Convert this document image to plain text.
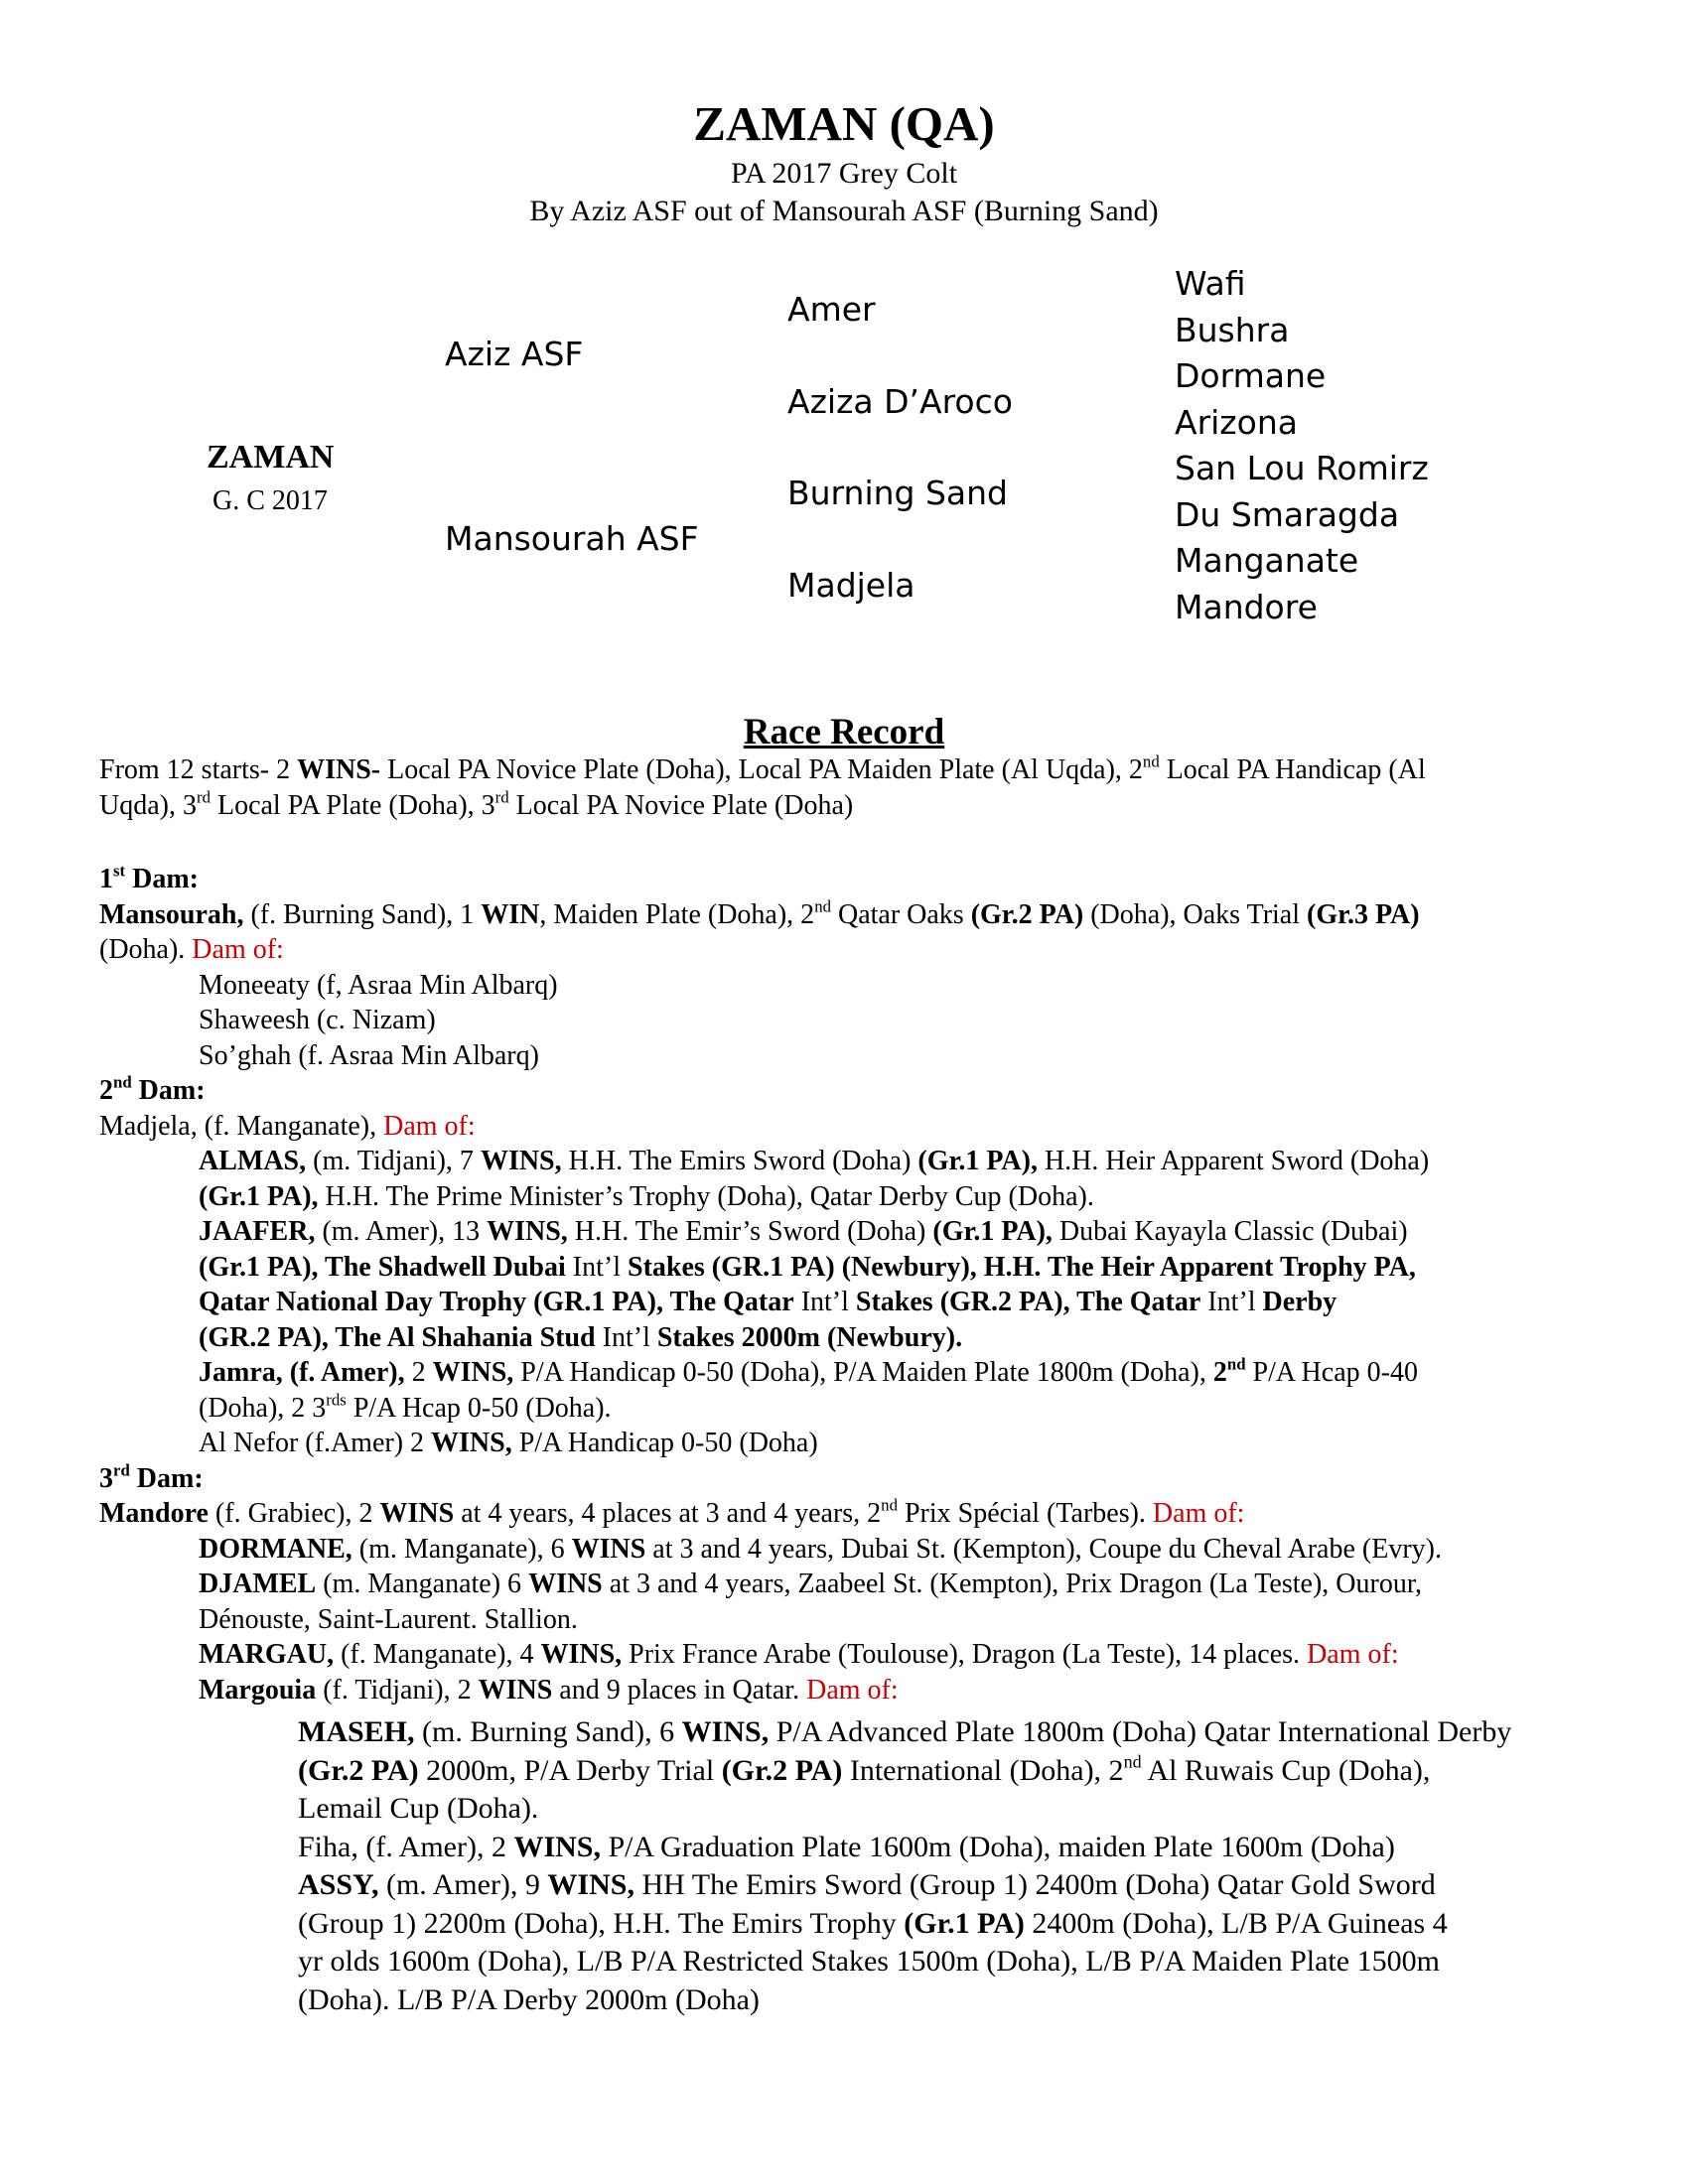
ZAMAN (QA)
PA 2017 Grey Colt
By Aziz ASF out of Mansourah ASF (Burning Sand)
ZAMAN
G. C 2017
Aziz ASF
Mansourah ASF
Amer
Aziza D’Aroco
Burning Sand
Madjela
Wafi
Bushra
Dormane
Arizona
San Lou Romirz
Du Smaragda
Manganate
Mandore
Race Record
From 12 starts- 2 WINS- Local PA Novice Plate (Doha), Local PA Maiden Plate (Al Uqda), 2nd Local PA Handicap (Al
Uqda), 3rd Local PA Plate (Doha), 3rd Local PA Novice Plate (Doha)
1st Dam:
Mansourah, (f. Burning Sand), 1 WIN, Maiden Plate (Doha), 2nd Qatar Oaks (Gr.2 PA) (Doha), Oaks Trial (Gr.3 PA)
(Doha). Dam of:
Moneeaty (f, Asraa Min Albarq)
Shaweesh (c. Nizam)
So’ghah (f. Asraa Min Albarq)
2nd Dam:
Madjela, (f. Manganate), Dam of:
ALMAS, (m. Tidjani), 7 WINS, H.H. The Emirs Sword (Doha) (Gr.1 PA), H.H. Heir Apparent Sword (Doha)
(Gr.1 PA), H.H. The Prime Minister’s Trophy (Doha), Qatar Derby Cup (Doha).
JAAFER, (m. Amer), 13 WINS, H.H. The Emir’s Sword (Doha) (Gr.1 PA), Dubai Kayayla Classic (Dubai)
(Gr.1 PA), The Shadwell Dubai Int’l Stakes (GR.1 PA) (Newbury), H.H. The Heir Apparent Trophy PA,
Qatar National Day Trophy (GR.1 PA), The Qatar Int’l Stakes (GR.2 PA), The Qatar Int’l Derby
(GR.2 PA), The Al Shahania Stud Int’l Stakes 2000m (Newbury).
Jamra, (f. Amer), 2 WINS, P/A Handicap 0-50 (Doha), P/A Maiden Plate 1800m (Doha), 2nd P/A Hcap 0-40
(Doha), 2 $3^{rds}$ P/A Hcap 0-50 (Doha).
Al Nefor (f.Amer) 2 WINS, P/A Handicap 0-50 (Doha)
3rd Dam:
Mandore (f. Grabiec), 2 WINS at 4 years, 4 places at 3 and 4 years, 2nd Prix Spécial (Tarbes). Dam of:
DORMANE, (m. Manganate), 6 WINS at 3 and 4 years, Dubai St. (Kempton), Coupe du Cheval Arabe (Evry).
DJAMEL (m. Manganate) 6 WINS at 3 and 4 years, Zaabeel St. (Kempton), Prix Dragon (La Teste), Ourour,
Dénouste, Saint-Laurent. Stallion.
MARGAU, (f. Manganate), 4 WINS, Prix France Arabe (Toulouse), Dragon (La Teste), 14 places. Dam of:
Margouia (f. Tidjani), 2 WINS and 9 places in Qatar. Dam of:
MASEH, (m. Burning Sand), 6 WINS, P/A Advanced Plate 1800m (Doha) Qatar International Derby
(Gr.2 PA) 2000m, P/A Derby Trial (Gr.2 PA) International (Doha), 2nd Al Ruwais Cup (Doha),
Lemail Cup (Doha).
Fiha, (f. Amer), 2 WINS, P/A Graduation Plate 1600m (Doha), maiden Plate 1600m (Doha)
ASSY, (m. Amer), 9 WINS, HH The Emirs Sword (Group 1) 2400m (Doha) Qatar Gold Sword
(Group 1) 2200m (Doha), H.H. The Emirs Trophy (Gr.1 PA) 2400m (Doha), L/B P/A Guineas 4
yr olds 1600m (Doha), L/B P/A Restricted Stakes 1500m (Doha), L/B P/A Maiden Plate 1500m
(Doha). L/B P/A Derby 2000m (Doha)
